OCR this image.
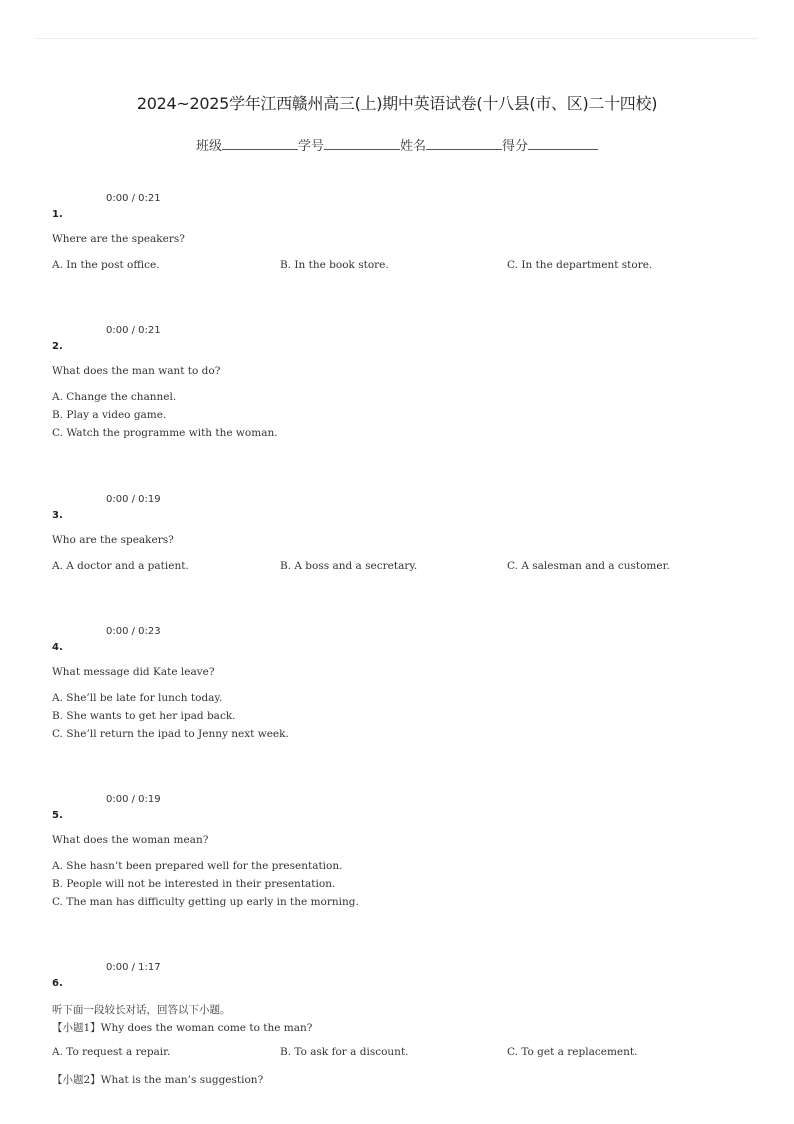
2024~2025学年江西赣州高三(上)期中英语试卷(十八县(市、区)二十四校)
班级	学号	姓名	得分
0:00 / 0:21
1.
Where are the speakers?
A. In the post office.	B. In the book store.	C. In the department store.
0:00 / 0:21
2.
What does the man want to do?
A. Change the channel.
B. Play a video game.
C. Watch the programme with the woman.
0:00 / 0:19
3.
Who are the speakers?
A. A doctor and a patient.	B. A boss and a secretary.	C. A salesman and a customer.
0:00 / 0:23
4.
What message did Kate leave?
A. She’ll be late for lunch today.
B. She wants to get her ipad back.
C. She’ll return the ipad to Jenny next week.
0:00 / 0:19
5.
What does the woman mean?
A. She hasn’t been prepared well for the presentation.
B. People will not be interested in their presentation.
C. The man has difficulty getting up early in the morning.
0:00 / 1:17
6.
听下面一段较长对话，回答以下小题。
【小题1】Why does the woman come to the man?
A. To request a repair.	B. To ask for a discount.	C. To get a replacement.
【小题2】What is the man’s suggestion?
